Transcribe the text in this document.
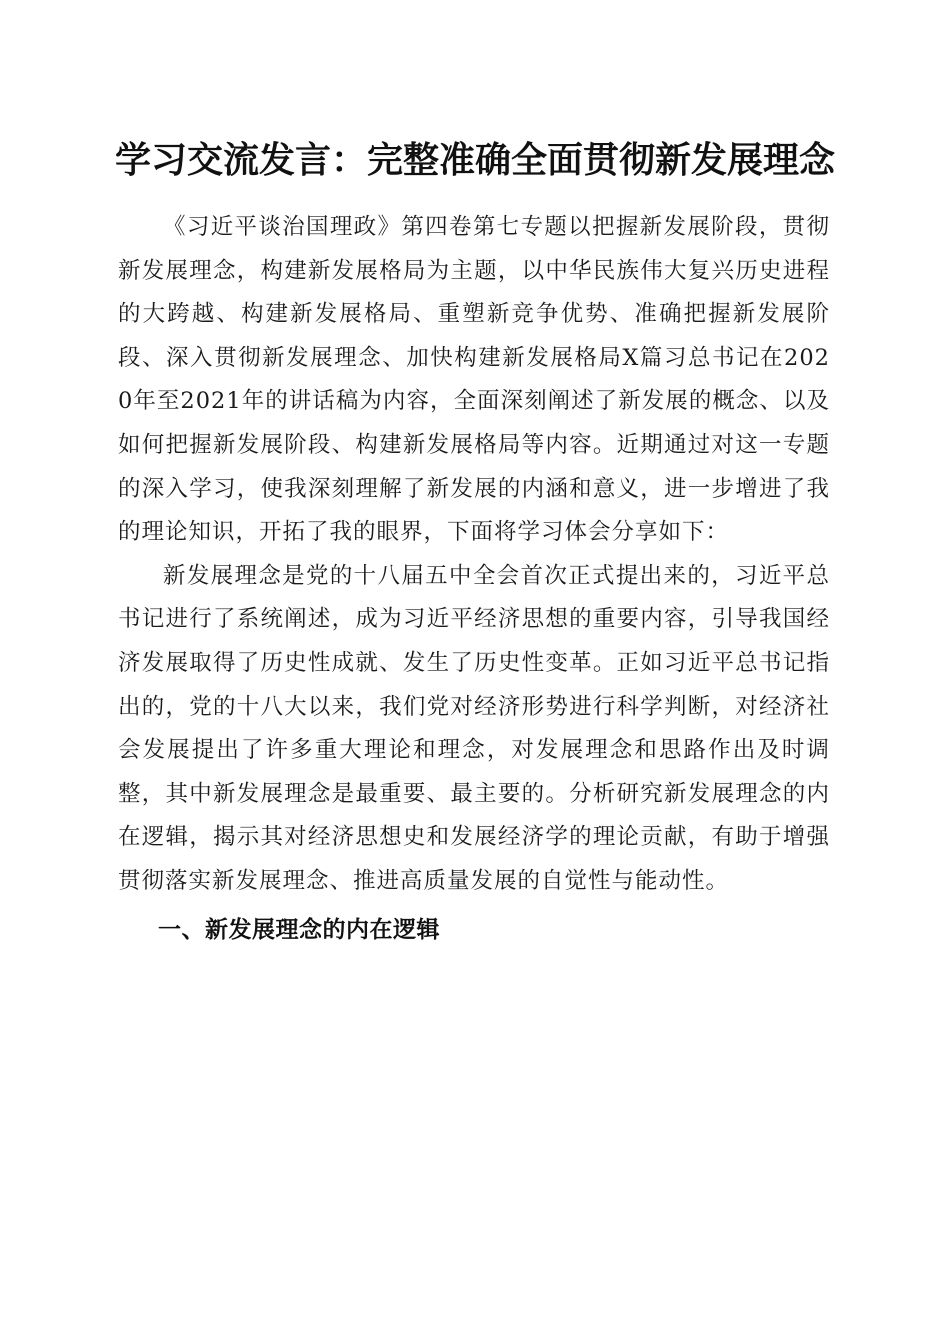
学习交流发言：完整准确全面贯彻新发展理念

《习近平谈治国理政》第四卷第七专题以把握新发展阶段，贯彻新发展理念，构建新发展格局为主题，以中华民族伟大复兴历史进程的大跨越、构建新发展格局、重塑新竞争优势、准确把握新发展阶段、深入贯彻新发展理念、加快构建新发展格局X篇习总书记在2020年至2021年的讲话稿为内容，全面深刻阐述了新发展的概念、以及如何把握新发展阶段、构建新发展格局等内容。近期通过对这一专题的深入学习，使我深刻理解了新发展的内涵和意义，进一步增进了我的理论知识，开拓了我的眼界，下面将学习体会分享如下：

新发展理念是党的十八届五中全会首次正式提出来的，习近平总书记进行了系统阐述，成为习近平经济思想的重要内容，引导我国经济发展取得了历史性成就、发生了历史性变革。正如习近平总书记指出的，党的十八大以来，我们党对经济形势进行科学判断，对经济社会发展提出了许多重大理论和理念，对发展理念和思路作出及时调整，其中新发展理念是最重要、最主要的。分析研究新发展理念的内在逻辑，揭示其对经济思想史和发展经济学的理论贡献，有助于增强贯彻落实新发展理念、推进高质量发展的自觉性与能动性。

一、新发展理念的内在逻辑
